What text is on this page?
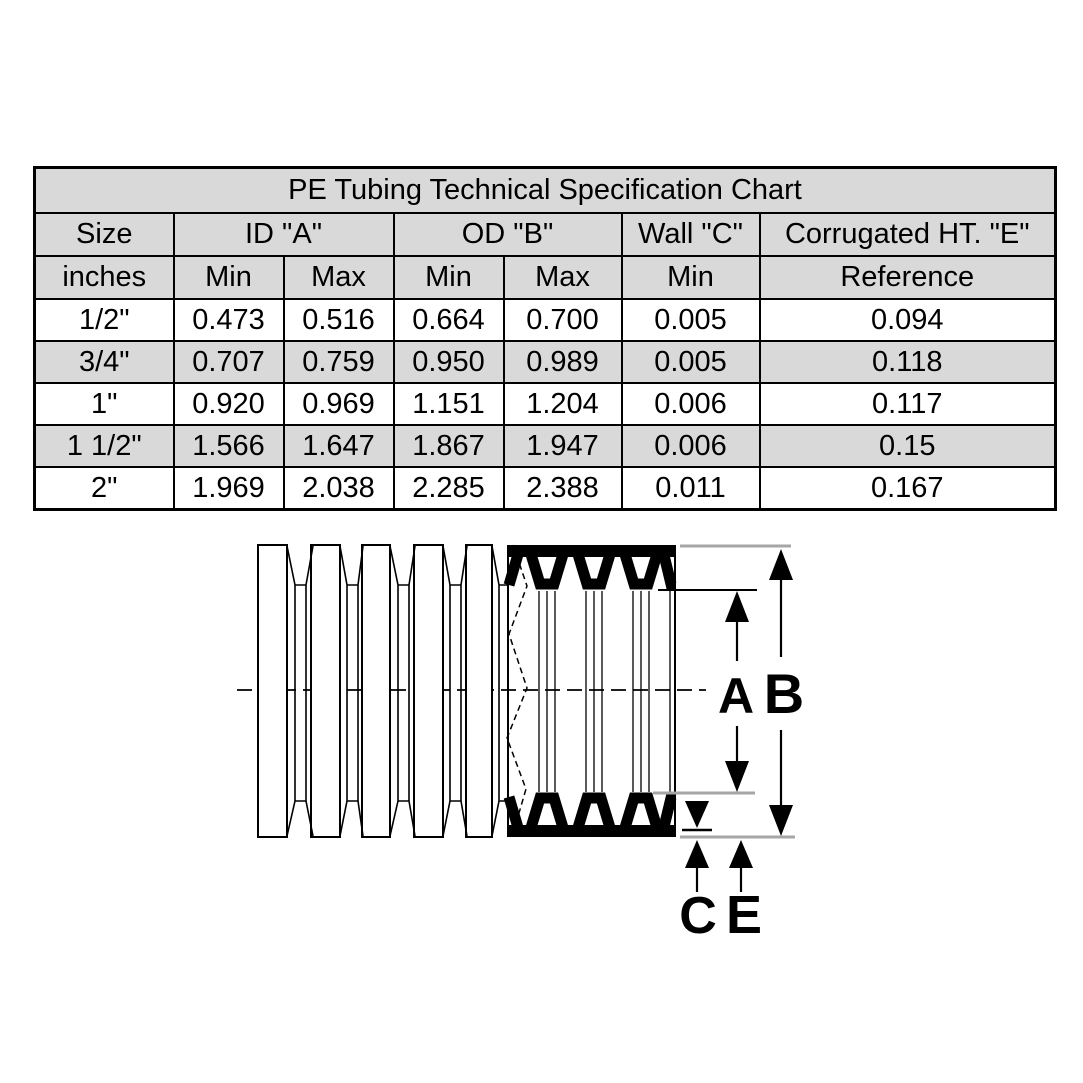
PE Tubing Technical Specification Chart						
Size	ID "A"		OD "B"		Wall "C"	Corrugated HT. "E"
inches	Min	Max	Min	Max	Min	Reference
1/2"	0.473	0.516	0.664	0.700	0.005	0.094
3/4"	0.707	0.759	0.950	0.989	0.005	0.118
1"	0.920	0.969	1.151	1.204	0.006	0.117
1 1/2"	1.566	1.647	1.867	1.947	0.006	0.15
2"	1.969	2.038	2.285	2.388	0.011	0.167
A B
C E
